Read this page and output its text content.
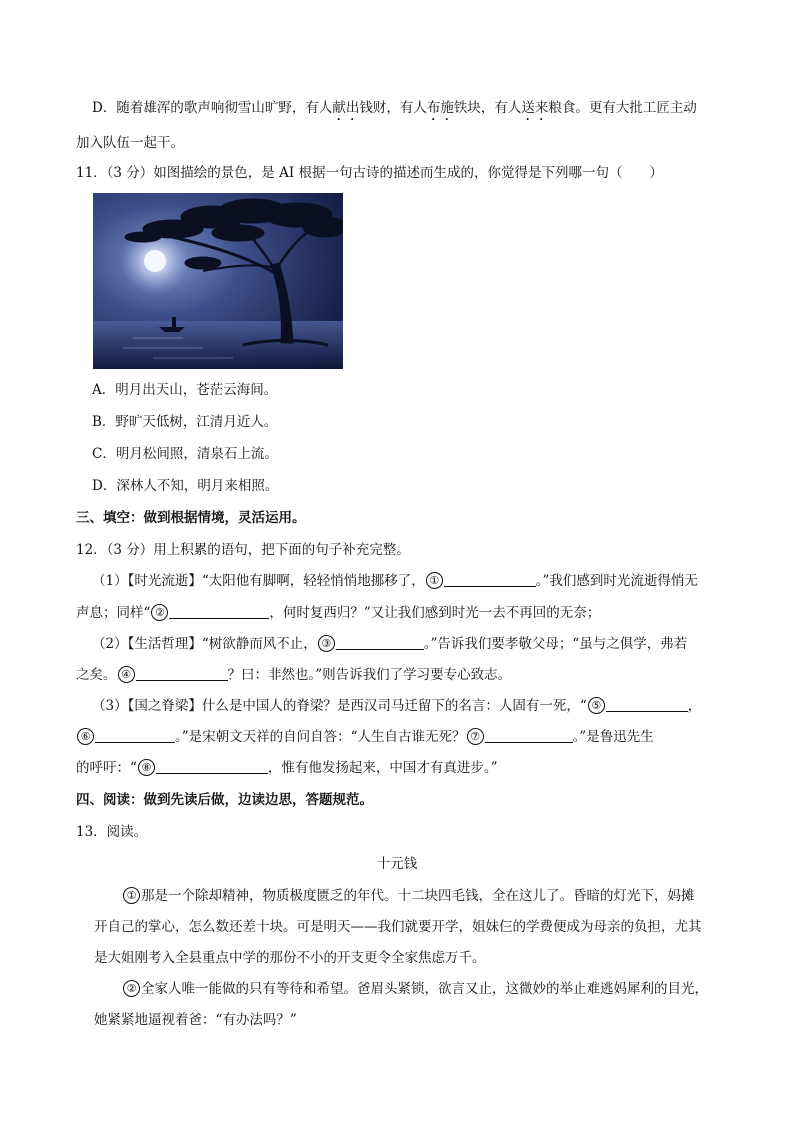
D．随着雄浑的歌声响彻雪山旷野，有人献出钱财，有人布施铁块，有人送来粮食。更有大批工匠主动
加入队伍一起干。
11．（3 分）如图描绘的景色，是 AI 根据一句古诗的描述而生成的，你觉得是下列哪一句（　　）
A．明月出天山，苍茫云海间。
B．野旷天低树，江清月近人。
C．明月松间照，清泉石上流。
D．深林人不知，明月来相照。
三、填空：做到根据情境，灵活运用。
12．（3 分）用上积累的语句，把下面的句子补充完整。
（1）【时光流逝】“太阳他有脚啊，轻轻悄悄地挪移了， ①	。”我们感到时光流逝得悄无
声息；同样“ ②	，何时复西归？”又让我们感到时光一去不再回的无奈；
（2）【生活哲理】“树欲静而风不止， ③	。”告诉我们要孝敬父母；“虽与之俱学，弗若
之矣。 ④	？曰：非然也。”则告诉我们了学习要专心致志。
（3）【国之脊梁】什么是中国人的脊梁？是西汉司马迁留下的名言：人固有一死，“ ⑤	，
⑥	。”是宋朝文天祥的自问自答：“人生自古谁无死？ ⑦	。”是鲁迅先生
的呼吁：“ ⑧	，惟有他发扬起来，中国才有真进步。”
四、阅读：做到先读后做，边读边思，答题规范。
13．阅读。
十元钱
① 那是一个除却精神，物质极度匮乏的年代。十二块四毛钱，全在这儿了。昏暗的灯光下，妈摊
开自己的掌心，怎么数还差十块。可是明天——我们就要开学，姐妹仨的学费便成为母亲的负担，尤其
是大姐刚考入全县重点中学的那份不小的开支更令全家焦虑万千。
② 全家人唯一能做的只有等待和希望。爸眉头紧锁，欲言又止，这微妙的举止难逃妈犀利的目光，
她紧紧地逼视着爸：“有办法吗？”
